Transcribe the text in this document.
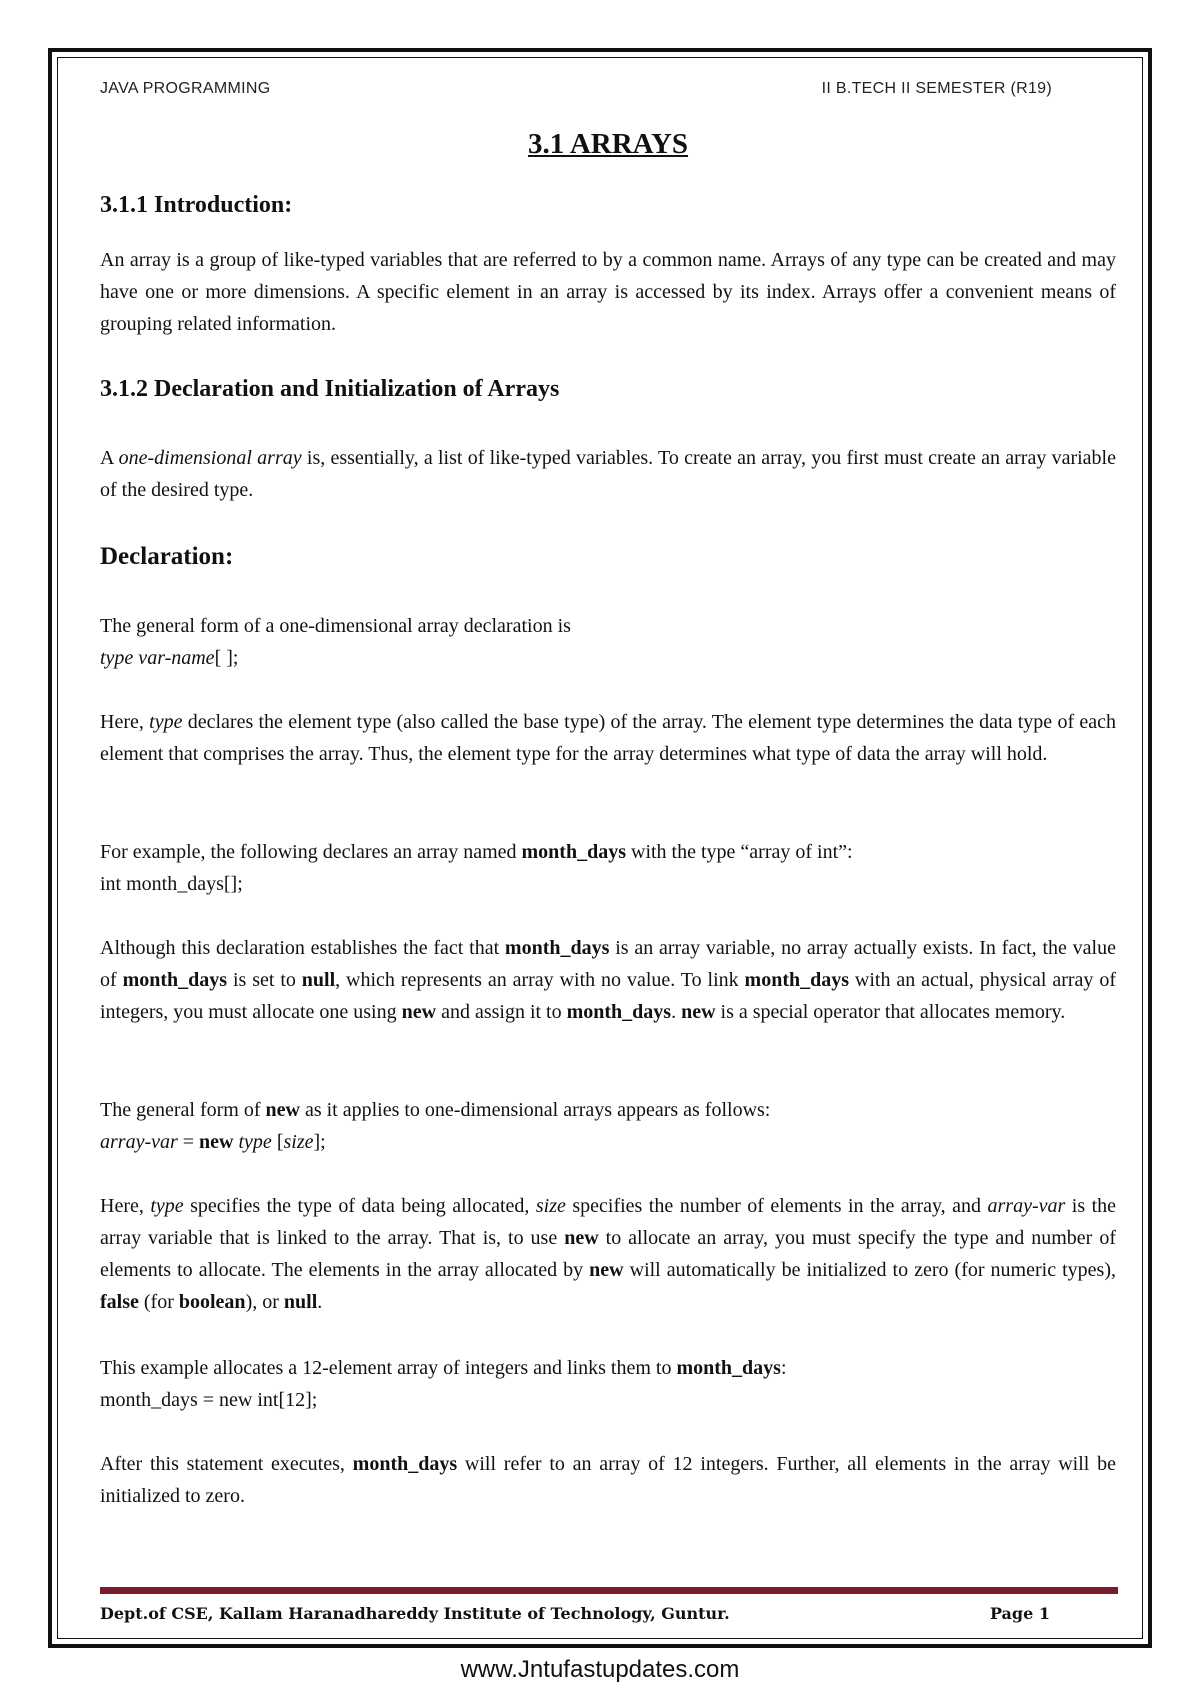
JAVA PROGRAMMING	II B.TECH II SEMESTER (R19)
3.1 ARRAYS
3.1.1 Introduction:

An array is a group of like-typed variables that are referred to by a common name. Arrays of any type can be created and may have one or more dimensions. A specific element in an array is accessed by its index. Arrays offer a convenient means of grouping related information.

3.1.2 Declaration and Initialization of Arrays

A one-dimensional array is, essentially, a list of like-typed variables. To create an array, you first must create an array variable of the desired type.

Declaration:

The general form of a one-dimensional array declaration is

type var-name[ ];

Here, type declares the element type (also called the base type) of the array. The element type determines the data type of each element that comprises the array. Thus, the element type for the array determines what type of data the array will hold.

For example, the following declares an array named month_days with the type “array of int”:

int month_days[];

Although this declaration establishes the fact that month_days is an array variable, no array actually exists. In fact, the value of month_days is set to null, which represents an array with no value. To link month_days with an actual, physical array of integers, you must allocate one using new and assign it to month_days. new is a special operator that allocates memory.

The general form of new as it applies to one-dimensional arrays appears as follows:

array-var = new type [size];

Here, type specifies the type of data being allocated, size specifies the number of elements in the array, and array-var is the array variable that is linked to the array. That is, to use new to allocate an array, you must specify the type and number of elements to allocate. The elements in the array allocated by new will automatically be initialized to zero (for numeric types), false (for boolean), or null.

This example allocates a 12-element array of integers and links them to month_days:

month_days = new int[12];

After this statement executes, month_days will refer to an array of 12 integers. Further, all elements in the array will be initialized to zero.

Dept.of CSE, Kallam Haranadhareddy Institute of Technology, Guntur.	Page 1
www.Jntufastupdates.com
